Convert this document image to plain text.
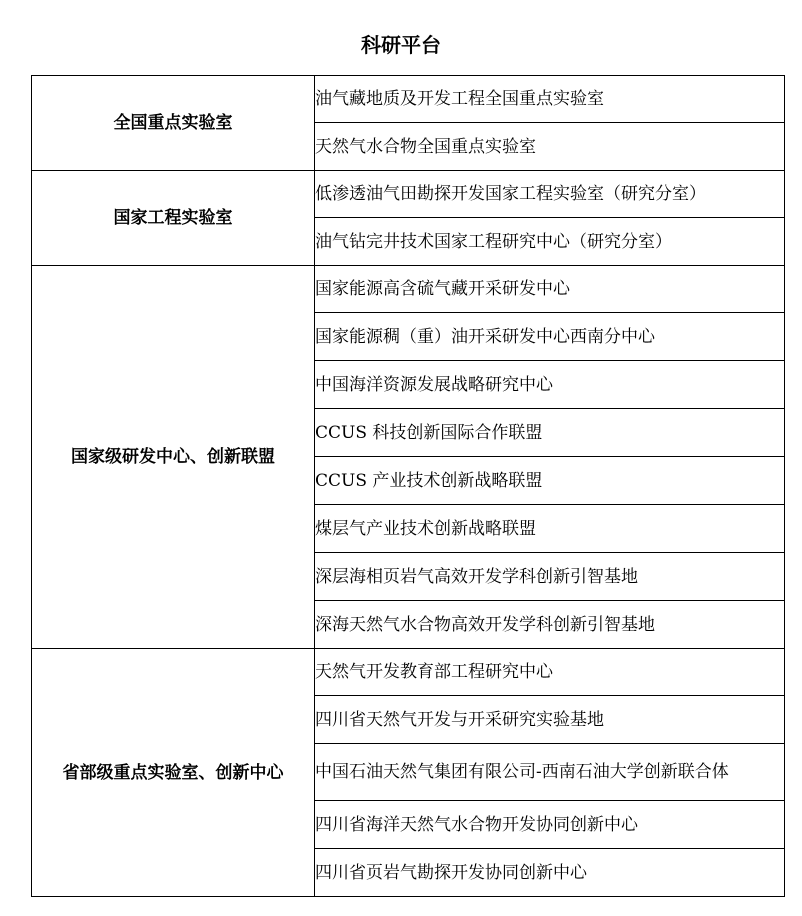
科研平台
全国重点实验室	油气藏地质及开发工程全国重点实验室
	天然气水合物全国重点实验室
国家工程实验室	低渗透油气田勘探开发国家工程实验室（研究分室）
	油气钻完井技术国家工程研究中心（研究分室）
国家级研发中心、创新联盟	国家能源高含硫气藏开采研发中心
	国家能源稠（重）油开采研发中心西南分中心
	中国海洋资源发展战略研究中心
	CCUS 科技创新国际合作联盟
	CCUS 产业技术创新战略联盟
	煤层气产业技术创新战略联盟
	深层海相页岩气高效开发学科创新引智基地
	深海天然气水合物高效开发学科创新引智基地
省部级重点实验室、创新中心	天然气开发教育部工程研究中心
	四川省天然气开发与开采研究实验基地
	中国石油天然气集团有限公司-西南石油大学创新联合体
	四川省海洋天然气水合物开发协同创新中心
	四川省页岩气勘探开发协同创新中心
